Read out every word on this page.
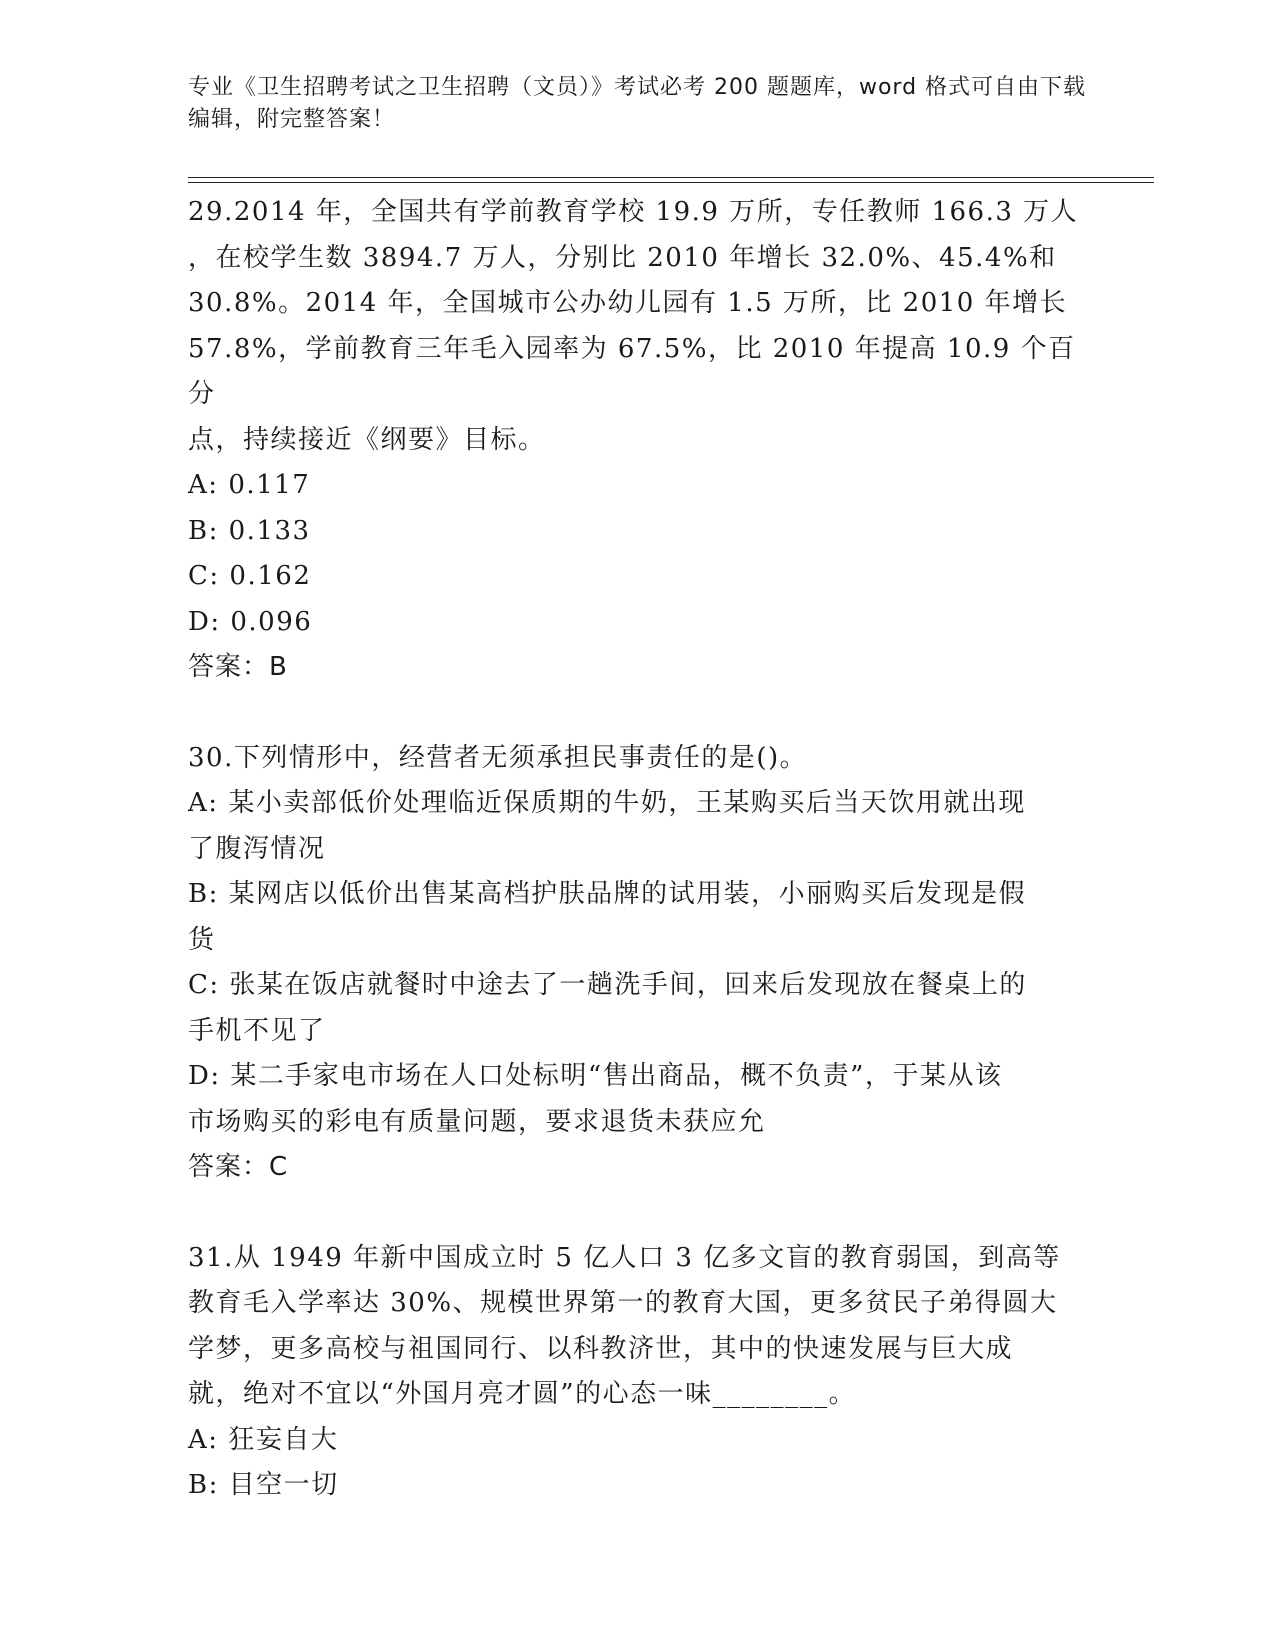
专业《卫生招聘考试之卫生招聘（文员）》考试必考 200 题题库，word 格式可自由下载编辑，附完整答案！
29.2014 年，全国共有学前教育学校 19.9 万所，专任教师 166.3 万人
，在校学生数 3894.7 万人，分别比 2010 年增长 32.0%、45.4%和
30.8%。2014 年，全国城市公办幼儿园有 1.5 万所，比 2010 年增长
57.8%，学前教育三年毛入园率为 67.5%，比 2010 年提高 10.9 个百分
点，持续接近《纲要》目标。
A: 0.117
B: 0.133
C: 0.162
D: 0.096
答案：B
30.下列情形中，经营者无须承担民事责任的是()。
A: 某小卖部低价处理临近保质期的牛奶，王某购买后当天饮用就出现
了腹泻情况
B: 某网店以低价出售某高档护肤品牌的试用装，小丽购买后发现是假
货
C: 张某在饭店就餐时中途去了一趟洗手间，回来后发现放在餐桌上的
手机不见了
D: 某二手家电市场在人口处标明“售出商品，概不负责”，于某从该
市场购买的彩电有质量问题，要求退货未获应允
答案：C
31.从 1949 年新中国成立时 5 亿人口 3 亿多文盲的教育弱国，到高等
教育毛入学率达 30%、规模世界第一的教育大国，更多贫民子弟得圆大
学梦，更多高校与祖国同行、以科教济世，其中的快速发展与巨大成
就，绝对不宜以“外国月亮才圆”的心态一味________。
A: 狂妄自大
B: 目空一切
